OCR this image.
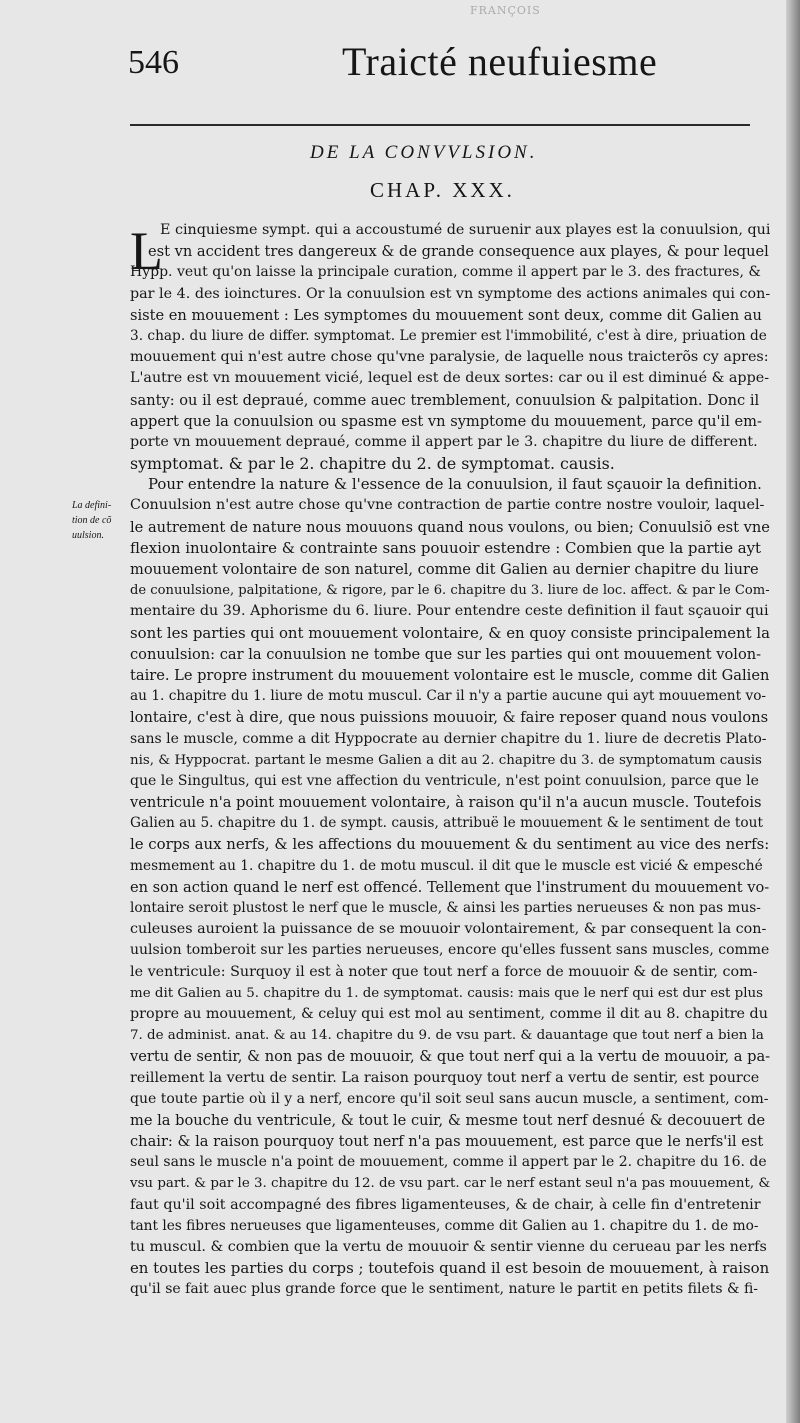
FRANÇOIS
546	Traicté neufuiesme
DE LA CONVVLSION.
CHAP. XXX.
L
La defini-
tion de cõ
uulsion.
E cinquiesme sympt. qui a accoustumé de suruenir aux playes est la conuulsion, qui
est vn accident tres dangereux & de grande consequence aux playes, & pour lequel
Hypp. veut qu'on laisse la principale curation, comme il appert par le 3. des fractures, &
par le 4. des ioinctures. Or la conuulsion est vn symptome des actions animales qui con-
siste en mouuement : Les symptomes du mouuement sont deux, comme dit Galien au
3. chap. du liure de differ. symptomat. Le premier est l'immobilité, c'est à dire, priuation de
mouuement qui n'est autre chose qu'vne paralysie, de laquelle nous traicterõs cy apres:
L'autre est vn mouuement vicié, lequel est de deux sortes: car ou il est diminué & appe-
santy: ou il est depraué, comme auec tremblement, conuulsion & palpitation. Donc il
appert que la conuulsion ou spasme est vn symptome du mouuement, parce qu'il em-
porte vn mouuement depraué, comme il appert par le 3. chapitre du liure de different.
symptomat. & par le 2. chapitre du 2. de symptomat. causis.
Pour entendre la nature & l'essence de la conuulsion, il faut sçauoir la definition.
Conuulsion n'est autre chose qu'vne contraction de partie contre nostre vouloir, laquel-
le autrement de nature nous mouuons quand nous voulons, ou bien; Conuulsiõ est vne
flexion inuolontaire & contrainte sans pouuoir estendre : Combien que la partie ayt
mouuement volontaire de son naturel, comme dit Galien au dernier chapitre du liure
de conuulsione, palpitatione, & rigore, par le 6. chapitre du 3. liure de loc. affect. & par le Com-
mentaire du 39. Aphorisme du 6. liure. Pour entendre ceste definition il faut sçauoir qui
sont les parties qui ont mouuement volontaire, & en quoy consiste principalement la
conuulsion: car la conuulsion ne tombe que sur les parties qui ont mouuement volon-
taire. Le propre instrument du mouuement volontaire est le muscle, comme dit Galien
au 1. chapitre du 1. liure de motu muscul. Car il n'y a partie aucune qui ayt mouuement vo-
lontaire, c'est à dire, que nous puissions mouuoir, & faire reposer quand nous voulons
sans le muscle, comme a dit Hyppocrate au dernier chapitre du 1. liure de decretis Plato-
nis, & Hyppocrat. partant le mesme Galien a dit au 2. chapitre du 3. de symptomatum causis
que le Singultus, qui est vne affection du ventricule, n'est point conuulsion, parce que le
ventricule n'a point mouuement volontaire, à raison qu'il n'a aucun muscle. Toutefois
Galien au 5. chapitre du 1. de sympt. causis, attribuë le mouuement & le sentiment de tout
le corps aux nerfs, & les affections du mouuement & du sentiment au vice des nerfs:
mesmement au 1. chapitre du 1. de motu muscul. il dit que le muscle est vicié & empesché
en son action quand le nerf est offencé. Tellement que l'instrument du mouuement vo-
lontaire seroit plustost le nerf que le muscle, & ainsi les parties nerueuses & non pas mus-
culeuses auroient la puissance de se mouuoir volontairement, & par consequent la con-
uulsion tomberoit sur les parties nerueuses, encore qu'elles fussent sans muscles, comme
le ventricule: Surquoy il est à noter que tout nerf a force de mouuoir & de sentir, com-
me dit Galien au 5. chapitre du 1. de symptomat. causis: mais que le nerf qui est dur est plus
propre au mouuement, & celuy qui est mol au sentiment, comme il dit au 8. chapitre du
7. de administ. anat. & au 14. chapitre du 9. de vsu part. & dauantage que tout nerf a bien la
vertu de sentir, & non pas de mouuoir, & que tout nerf qui a la vertu de mouuoir, a pa-
reillement la vertu de sentir. La raison pourquoy tout nerf a vertu de sentir, est pource
que toute partie où il y a nerf, encore qu'il soit seul sans aucun muscle, a sentiment, com-
me la bouche du ventricule, & tout le cuir, & mesme tout nerf desnué & decouuert de
chair: & la raison pourquoy tout nerf n'a pas mouuement, est parce que le nerfs'il est
seul sans le muscle n'a point de mouuement, comme il appert par le 2. chapitre du 16. de
vsu part. & par le 3. chapitre du 12. de vsu part. car le nerf estant seul n'a pas mouuement, &
faut qu'il soit accompagné des fibres ligamenteuses, & de chair, à celle fin d'entretenir
tant les fibres nerueuses que ligamenteuses, comme dit Galien au 1. chapitre du 1. de mo-
tu muscul. & combien que la vertu de mouuoir & sentir vienne du cerueau par les nerfs
en toutes les parties du corps ; toutefois quand il est besoin de mouuement, à raison
qu'il se fait auec plus grande force que le sentiment, nature le partit en petits filets & fi-
